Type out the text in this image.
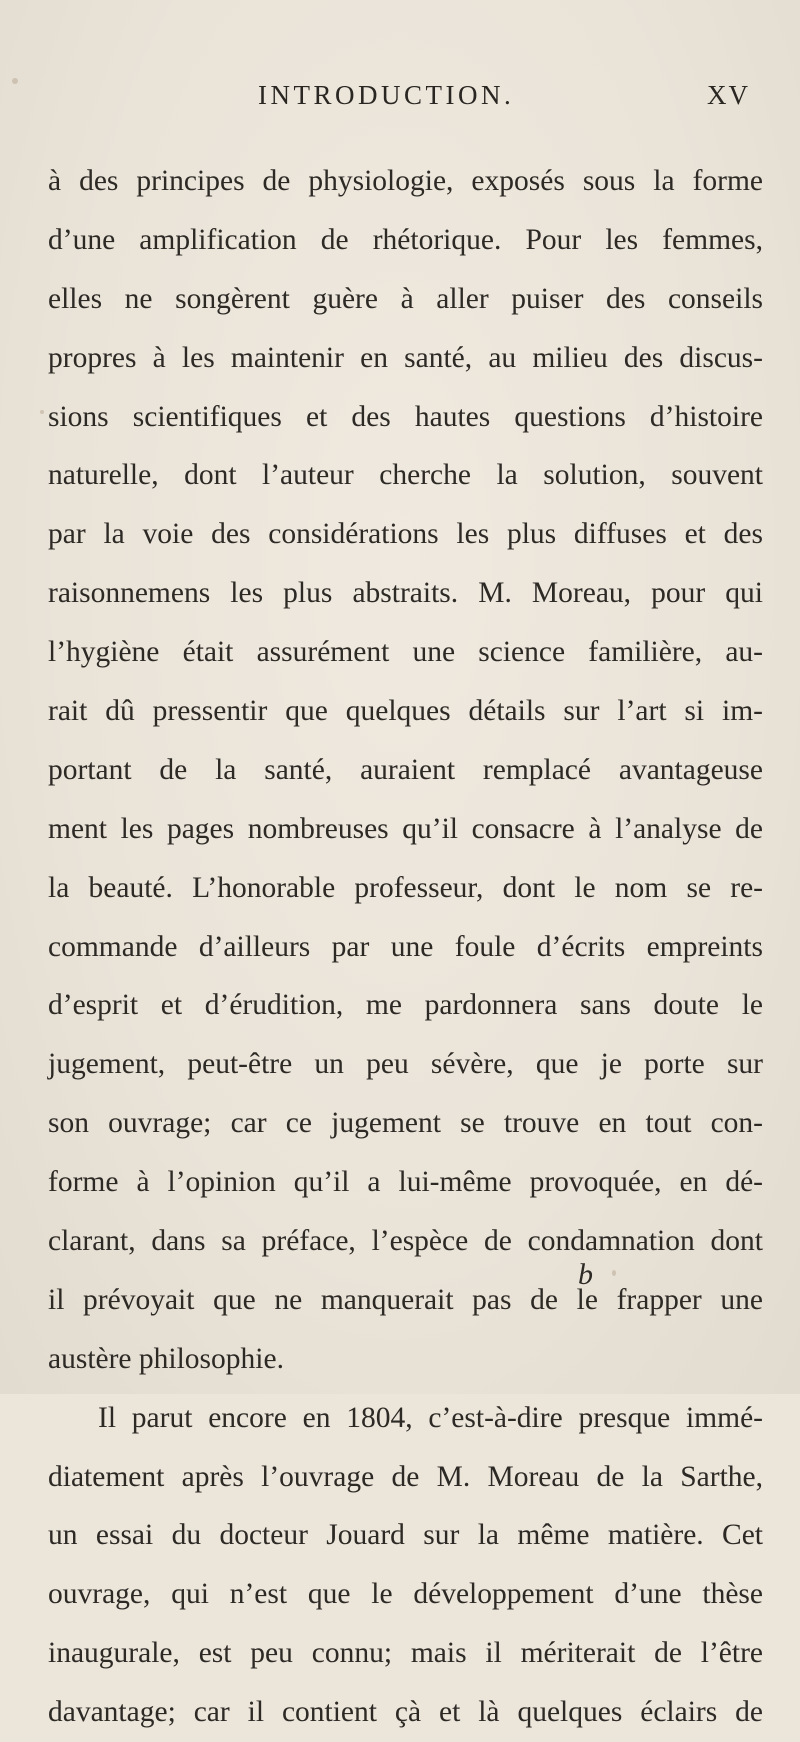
INTRODUCTION.	XV
à des principes de physiologie, exposés sous la forme
d’une amplification de rhétorique. Pour les femmes,
elles ne songèrent guère à aller puiser des conseils
propres à les maintenir en santé, au milieu des discus-
sions scientifiques et des hautes questions d’histoire
naturelle, dont l’auteur cherche la solution, souvent
par la voie des considérations les plus diffuses et des
raisonnemens les plus abstraits. M. Moreau, pour qui
l’hygiène était assurément une science familière, au-
rait dû pressentir que quelques détails sur l’art si im-
portant de la santé, auraient remplacé avantageuse
ment les pages nombreuses qu’il consacre à l’analyse de
la beauté. L’honorable professeur, dont le nom se re-
commande d’ailleurs par une foule d’écrits empreints
d’esprit et d’érudition, me pardonnera sans doute le
jugement, peut-être un peu sévère, que je porte sur
son ouvrage; car ce jugement se trouve en tout con-
forme à l’opinion qu’il a lui-même provoquée, en dé-
clarant, dans sa préface, l’espèce de condamnation dont
il prévoyait que ne manquerait pas de le frapper une
austère philosophie.
Il parut encore en 1804, c’est-à-dire presque immé-
diatement après l’ouvrage de M. Moreau de la Sarthe,
un essai du docteur Jouard sur la même matière. Cet
ouvrage, qui n’est que le développement d’une thèse
inaugurale, est peu connu; mais il mériterait de l’être
davantage; car il contient çà et là quelques éclairs de
b
